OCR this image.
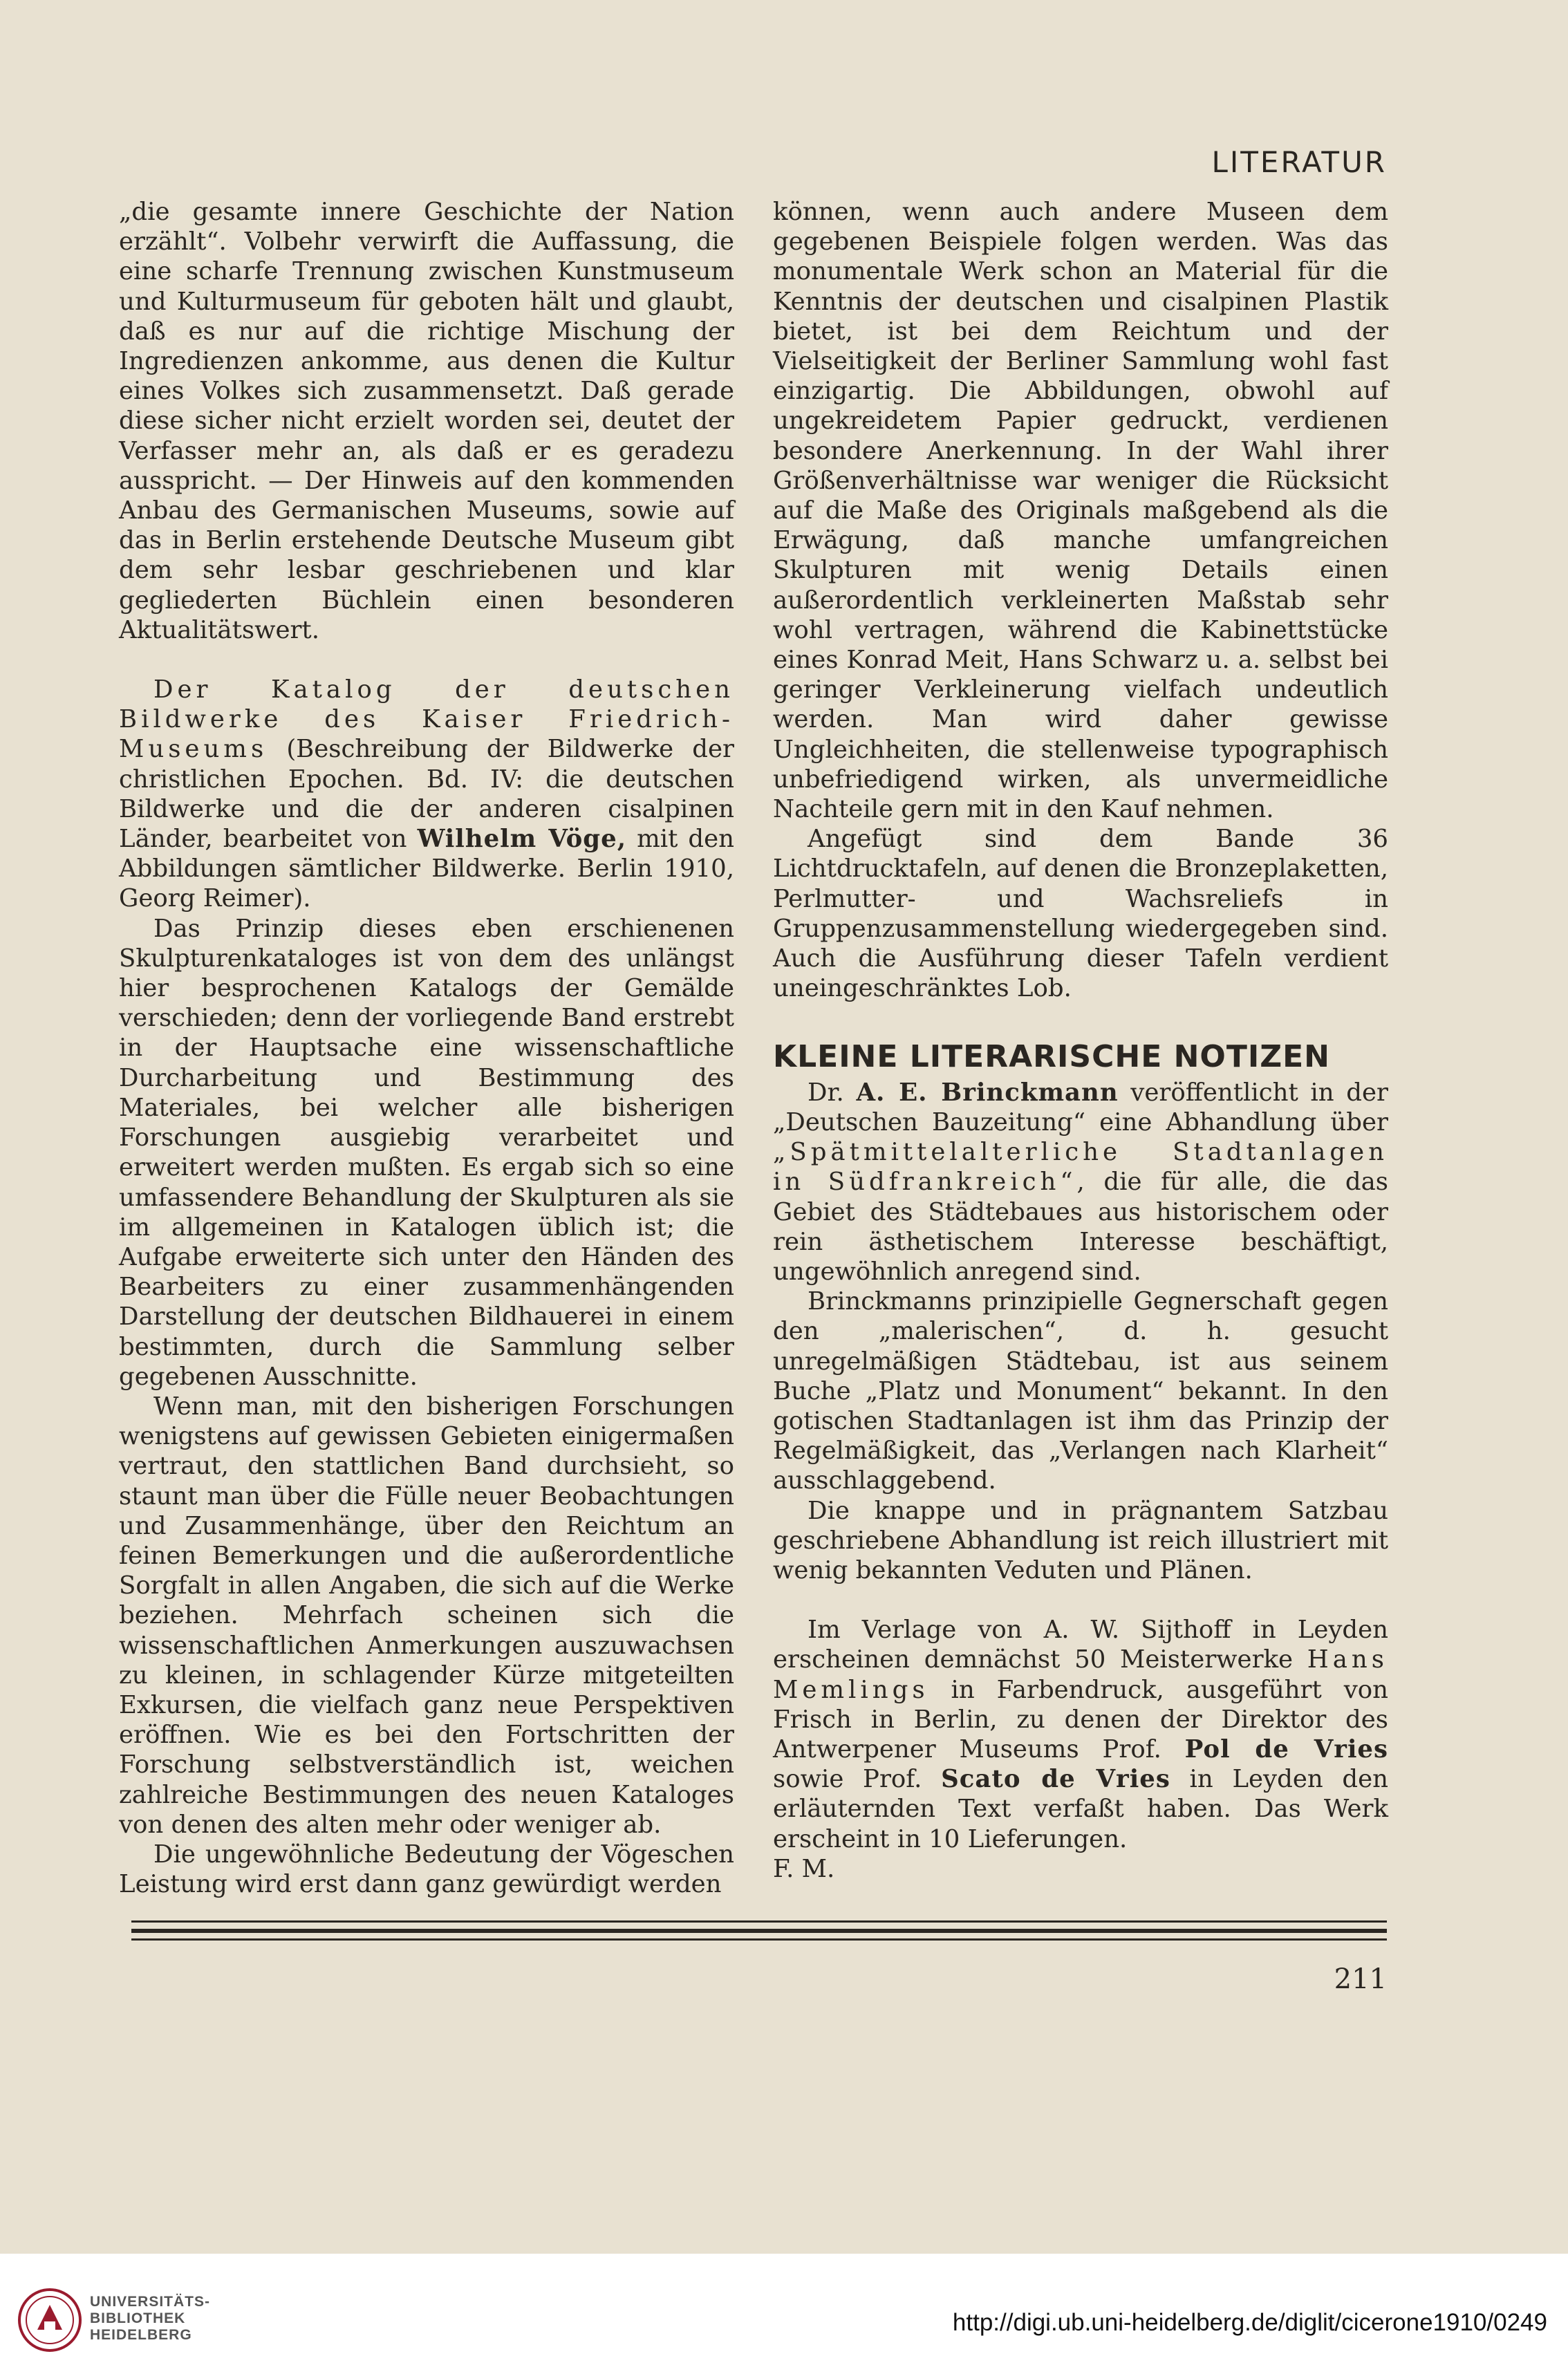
LITERATUR

„die gesamte innere Geschichte der Nation erzählt“. Volbehr verwirft die Auffassung, die eine scharfe Trennung zwischen Kunstmuseum und Kulturmuseum für geboten hält und glaubt, daß es nur auf die richtige Mischung der Ingredienzen ankomme, aus denen die Kultur eines Volkes sich zusammensetzt. Daß gerade diese sicher nicht erzielt worden sei, deutet der Verfasser mehr an, als daß er es geradezu ausspricht. — Der Hinweis auf den kommenden Anbau des Germanischen Museums, sowie auf das in Berlin erstehende Deutsche Museum gibt dem sehr lesbar geschriebenen und klar gegliederten Büchlein einen besonderen Aktualitätswert.

Der Katalog der deutschen Bildwerke des Kaiser Friedrich-Museums (Beschreibung der Bildwerke der christlichen Epochen. Bd. IV: die deutschen Bildwerke und die der anderen cisalpinen Länder, bearbeitet von Wilhelm Vöge, mit den Abbildungen sämtlicher Bildwerke. Berlin 1910, Georg Reimer).

Das Prinzip dieses eben erschienenen Skulpturenkataloges ist von dem des unlängst hier besprochenen Katalogs der Gemälde verschieden; denn der vorliegende Band erstrebt in der Hauptsache eine wissenschaftliche Durcharbeitung und Bestimmung des Materiales, bei welcher alle bisherigen Forschungen ausgiebig verarbeitet und erweitert werden mußten. Es ergab sich so eine umfassendere Behandlung der Skulpturen als sie im allgemeinen in Katalogen üblich ist; die Aufgabe erweiterte sich unter den Händen des Bearbeiters zu einer zusammenhängenden Darstellung der deutschen Bildhauerei in einem bestimmten, durch die Sammlung selber gegebenen Ausschnitte.

Wenn man, mit den bisherigen Forschungen wenigstens auf gewissen Gebieten einigermaßen vertraut, den stattlichen Band durchsieht, so staunt man über die Fülle neuer Beobachtungen und Zusammenhänge, über den Reichtum an feinen Bemerkungen und die außerordentliche Sorgfalt in allen Angaben, die sich auf die Werke beziehen. Mehrfach scheinen sich die wissenschaftlichen Anmerkungen auszuwachsen zu kleinen, in schlagender Kürze mitgeteilten Exkursen, die vielfach ganz neue Perspektiven eröffnen. Wie es bei den Fortschritten der Forschung selbstverständlich ist, weichen zahlreiche Bestimmungen des neuen Kataloges von denen des alten mehr oder weniger ab.

Die ungewöhnliche Bedeutung der Vögeschen Leistung wird erst dann ganz gewürdigt werden

können, wenn auch andere Museen dem gegebenen Beispiele folgen werden. Was das monumentale Werk schon an Material für die Kenntnis der deutschen und cisalpinen Plastik bietet, ist bei dem Reichtum und der Vielseitigkeit der Berliner Sammlung wohl fast einzigartig. Die Abbildungen, obwohl auf ungekreidetem Papier gedruckt, verdienen besondere Anerkennung. In der Wahl ihrer Größenverhältnisse war weniger die Rücksicht auf die Maße des Originals maßgebend als die Erwägung, daß manche umfangreichen Skulpturen mit wenig Details einen außerordentlich verkleinerten Maßstab sehr wohl vertragen, während die Kabinettstücke eines Konrad Meit, Hans Schwarz u. a. selbst bei geringer Verkleinerung vielfach undeutlich werden. Man wird daher gewisse Ungleichheiten, die stellenweise typographisch unbefriedigend wirken, als unvermeidliche Nachteile gern mit in den Kauf nehmen.

Angefügt sind dem Bande 36 Lichtdrucktafeln, auf denen die Bronzeplaketten, Perlmutter- und Wachsreliefs in Gruppenzusammenstellung wiedergegeben sind. Auch die Ausführung dieser Tafeln verdient uneingeschränktes Lob.

KLEINE LITERARISCHE NOTIZEN

Dr. A. E. Brinckmann veröffentlicht in der „Deutschen Bauzeitung“ eine Abhandlung über „Spätmittelalterliche Stadtanlagen in Südfrankreich“, die für alle, die das Gebiet des Städtebaues aus historischem oder rein ästhetischem Interesse beschäftigt, ungewöhnlich anregend sind.

Brinckmanns prinzipielle Gegnerschaft gegen den „malerischen“, d. h. gesucht unregelmäßigen Städtebau, ist aus seinem Buche „Platz und Monument“ bekannt. In den gotischen Stadtanlagen ist ihm das Prinzip der Regelmäßigkeit, das „Verlangen nach Klarheit“ ausschlaggebend.

Die knappe und in prägnantem Satzbau geschriebene Abhandlung ist reich illustriert mit wenig bekannten Veduten und Plänen.

Im Verlage von A. W. Sijthoff in Leyden erscheinen demnächst 50 Meisterwerke Hans Memlings in Farbendruck, ausgeführt von Frisch in Berlin, zu denen der Direktor des Antwerpener Museums Prof. Pol de Vries sowie Prof. Scato de Vries in Leyden den erläuternden Text verfaßt haben. Das Werk erscheint in 10 Lieferungen.

F. M.

211
UNIVERSITÄTS-
BIBLIOTHEK
HEIDELBERG	http://digi.ub.uni-heidelberg.de/diglit/cicerone1910/0249
